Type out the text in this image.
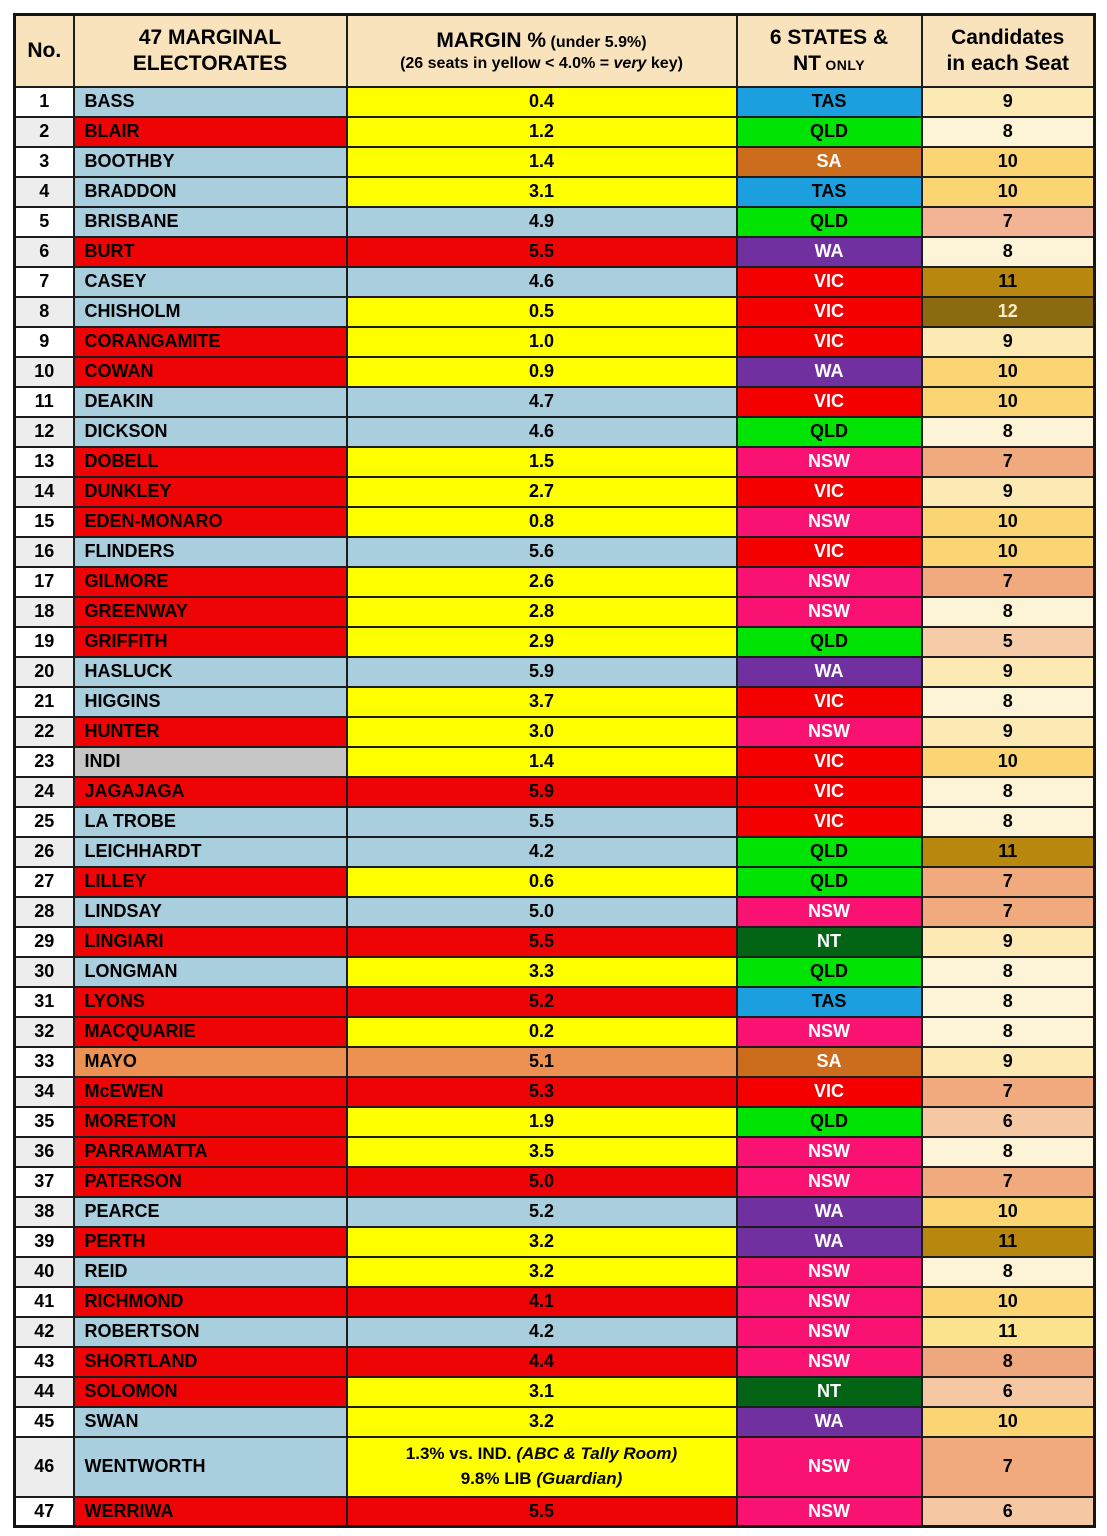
No.

47 MARGINAL
ELECTORATES

MARGIN % (under 5.9%)
(26 seats in yellow < 4.0% = very key)

6 STATES &
NT ONLY

Candidates
in each Seat

1	BASS	0.4	TAS	9
2	BLAIR	1.2	QLD	8
3	BOOTHBY	1.4	SA	10
4	BRADDON	3.1	TAS	10
5	BRISBANE	4.9	QLD	7
6	BURT	5.5	WA	8
7	CASEY	4.6	VIC	11
8	CHISHOLM	0.5	VIC	12
9	CORANGAMITE	1.0	VIC	9
10	COWAN	0.9	WA	10
11	DEAKIN	4.7	VIC	10
12	DICKSON	4.6	QLD	8
13	DOBELL	1.5	NSW	7
14	DUNKLEY	2.7	VIC	9
15	EDEN-MONARO	0.8	NSW	10
16	FLINDERS	5.6	VIC	10
17	GILMORE	2.6	NSW	7
18	GREENWAY	2.8	NSW	8
19	GRIFFITH	2.9	QLD	5
20	HASLUCK	5.9	WA	9
21	HIGGINS	3.7	VIC	8
22	HUNTER	3.0	NSW	9
23	INDI	1.4	VIC	10
24	JAGAJAGA	5.9	VIC	8
25	LA TROBE	5.5	VIC	8
26	LEICHHARDT	4.2	QLD	11
27	LILLEY	0.6	QLD	7
28	LINDSAY	5.0	NSW	7
29	LINGIARI	5.5	NT	9
30	LONGMAN	3.3	QLD	8
31	LYONS	5.2	TAS	8
32	MACQUARIE	0.2	NSW	8
33	MAYO	5.1	SA	9
34	McEWEN	5.3	VIC	7
35	MORETON	1.9	QLD	6
36	PARRAMATTA	3.5	NSW	8
37	PATERSON	5.0	NSW	7
38	PEARCE	5.2	WA	10
39	PERTH	3.2	WA	11
40	REID	3.2	NSW	8
41	RICHMOND	4.1	NSW	10
42	ROBERTSON	4.2	NSW	11
43	SHORTLAND	4.4	NSW	8
44	SOLOMON	3.1	NT	6
45	SWAN	3.2	WA	10
46	WENTWORTH	1.3% vs. IND. (ABC & Tally Room)
9.8% LIB (Guardian)	NSW	7
47	WERRIWA	5.5	NSW	6
